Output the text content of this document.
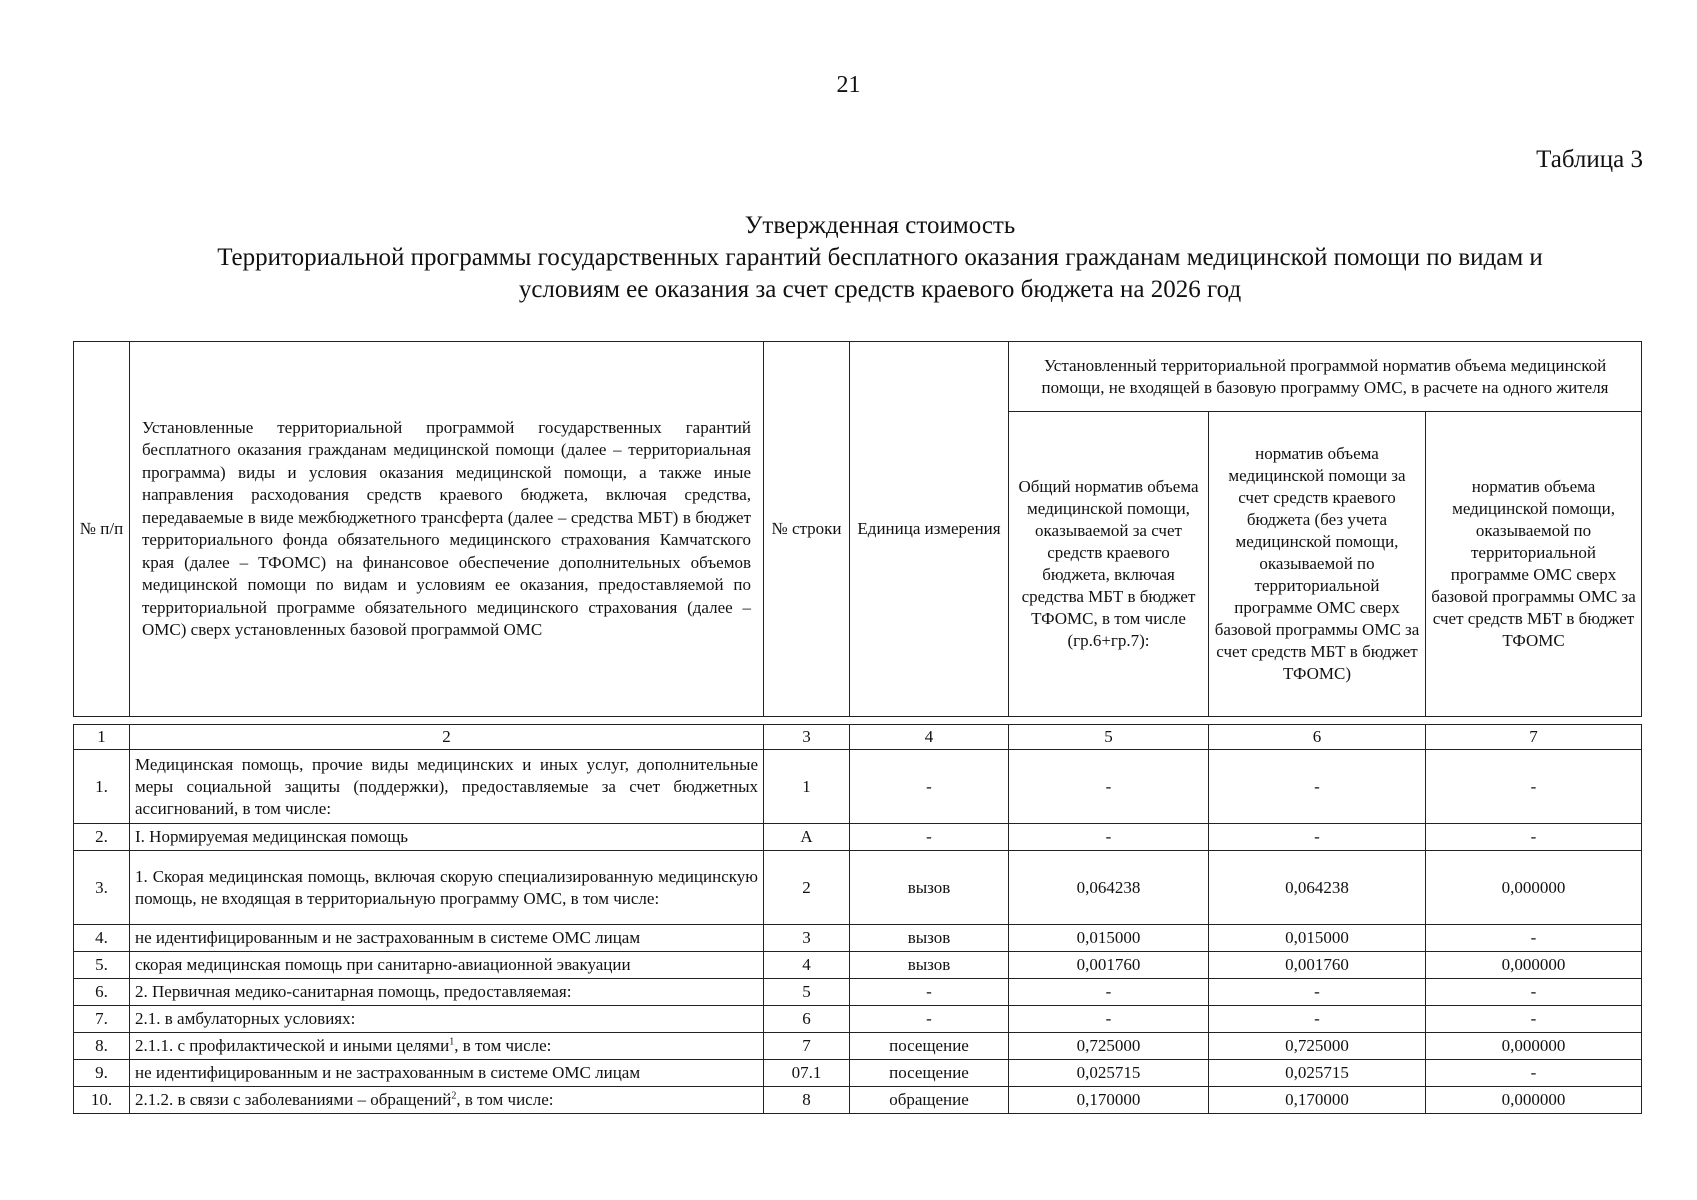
21
Таблица 3
Утвержденная стоимость
Территориальной программы государственных гарантий бесплатного оказания гражданам медицинской помощи по видам и
условиям ее оказания за счет средств краевого бюджета на 2026 год
№ п/п	Установленные территориальной программой государственных гарантий бесплатного оказания гражданам медицинской помощи (далее – территориальная программа) виды и условия оказания медицинской помощи, а также иные направления расходования средств краевого бюджета, включая средства, передаваемые в виде межбюджетного трансферта (далее – средства МБТ) в бюджет территориального фонда обязательного медицинского страхования Камчатского края (далее – ТФОМС) на финансовое обеспечение дополнительных объемов медицинской помощи по видам и условиям ее оказания, предоставляемой по территориальной программе обязательного медицинского страхования (далее – ОМС) сверх установленных базовой программой ОМС	№ строки	Единица измерения	Установленный территориальной программой норматив объема медицинской помощи, не входящей в базовую программу ОМС, в расчете на одного жителя		
				Общий норматив объема медицинской помощи, оказываемой за счет средств краевого бюджета, включая средства МБТ в бюджет ТФОМС, в том числе (гр.6+гр.7):	норматив объема медицинской помощи за счет средств краевого бюджета (без учета медицинской помощи, оказываемой по территориальной программе ОМС сверх базовой программы ОМС за счет средств МБТ в бюджет ТФОМС)	норматив объема медицинской помощи, оказываемой по территориальной программе ОМС сверх базовой программы ОМС за счет средств МБТ в бюджет ТФОМС
1	2	3	4	5	6	7
1.	Медицинская помощь, прочие виды медицинских и иных услуг, дополнительные меры социальной защиты (поддержки), предоставляемые за счет бюджетных ассигнований, в том числе:	1	-	-	-	-
2.	I. Нормируемая медицинская помощь	А	-	-	-	-
3.	1. Скорая медицинская помощь, включая скорую специализированную медицинскую помощь, не входящая в территориальную программу ОМС, в том числе:	2	вызов	0,064238	0,064238	0,000000
4.	не идентифицированным и не застрахованным в системе ОМС лицам	3	вызов	0,015000	0,015000	-
5.	скорая медицинская помощь при санитарно-авиационной эвакуации	4	вызов	0,001760	0,001760	0,000000
6.	2. Первичная медико-санитарная помощь, предоставляемая:	5	-	-	-	-
7.	2.1. в амбулаторных условиях:	6	-	-	-	-
8.	2.1.1. с профилактической и иными целями$^1$, в том числе:	7	посещение	0,725000	0,725000	0,000000
9.	не идентифицированным и не застрахованным в системе ОМС лицам	07.1	посещение	0,025715	0,025715	-
10.	2.1.2. в связи с заболеваниями – обращений$^2$, в том числе:	8	обращение	0,170000	0,170000	0,000000
